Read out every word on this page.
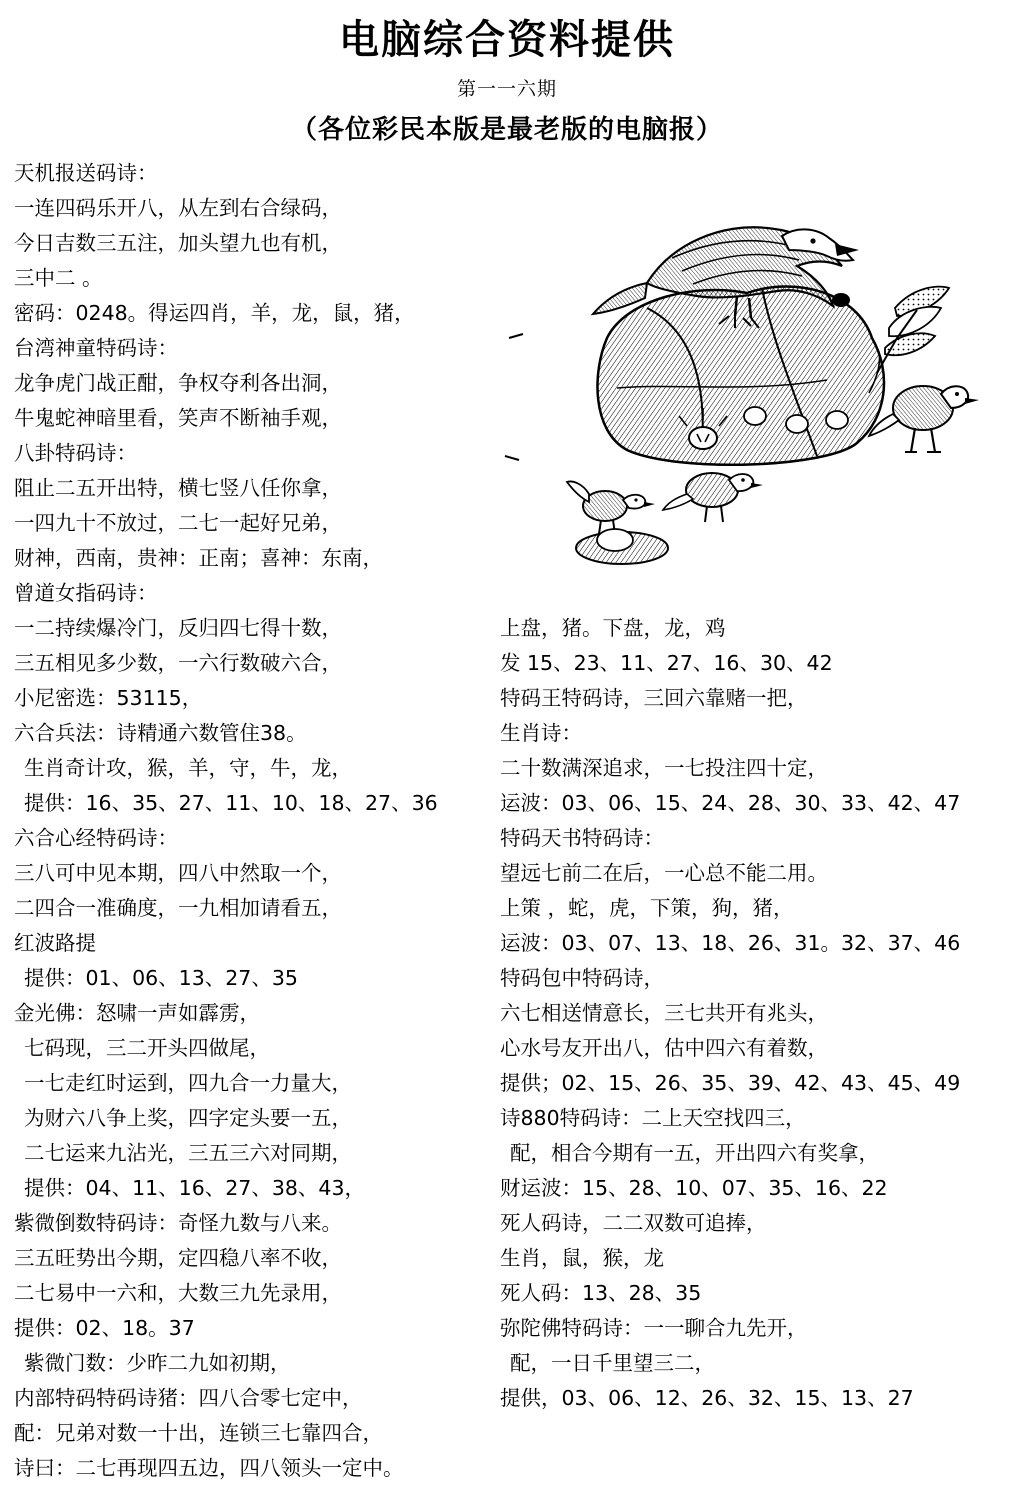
电脑综合资料提供
第一一六期
（各位彩民本版是最老版的电脑报）
天机报送码诗：
一连四码乐开八，从左到右合绿码，
今日吉数三五注，加头望九也有机，
三中二 。
密码：0248。得运四肖，羊，龙，鼠，猪，
台湾神童特码诗：
龙争虎门战正酣，争权夺利各出洞，
牛鬼蛇神暗里看，笑声不断袖手观，
八卦特码诗：
阻止二五开出特，横七竖八任你拿，
一四九十不放过，二七一起好兄弟，
财神，西南，贵神：正南；喜神：东南，
曾道女指码诗：
一二持续爆冷门，反归四七得十数，
三五相见多少数，一六行数破六合，
小尼密选：53115，
六合兵法：诗精通六数管住38。
生肖奇计攻，猴，羊，守，牛，龙，
提供：16、35、27、11、10、18、27、36
六合心经特码诗：
三八可中见本期，四八中然取一个，
二四合一准确度，一九相加请看五，
红波路提
提供：01、06、13、27、35
金光佛：怒啸一声如霹雳，
七码现，三二开头四做尾，
一七走红时运到，四九合一力量大，
为财六八争上奖，四字定头要一五，
二七运来九沾光，三五三六对同期，
提供：04、11、16、27、38、43，
紫微倒数特码诗：奇怪九数与八来。
三五旺势出今期，定四稳八率不收，
二七易中一六和，大数三九先录用，
提供：02、18。37
紫微门数：少昨二九如初期，
内部特码特码诗猪：四八合零七定中，
配：兄弟对数一十出，连锁三七靠四合，
诗曰：二七再现四五边，四八领头一定中。
上盘，猪。下盘，龙，鸡
发 15、23、11、27、16、30、42
特码王特码诗，三回六靠赌一把，
生肖诗：
二十数满深追求，一七投注四十定，
运波：03、06、15、24、28、30、33、42、47
特码天书特码诗：
望远七前二在后，一心总不能二用。
上策 ，蛇，虎，下策，狗，猪，
运波：03、07、13、18、26、31。32、37、46
特码包中特码诗，
六七相送情意长，三七共开有兆头，
心水号友开出八，估中四六有着数，
提供；02、15、26、35、39、42、43、45、49
诗880特码诗：二上天空找四三，
配，相合今期有一五，开出四六有奖拿，
财运波：15、28、10、07、35、16、22
死人码诗，二二双数可追捧，
生肖，鼠，猴，龙
死人码：13、28、35
弥陀佛特码诗：一一聊合九先开，
配，一日千里望三二，
提供，03、06、12、26、32、15、13、27
